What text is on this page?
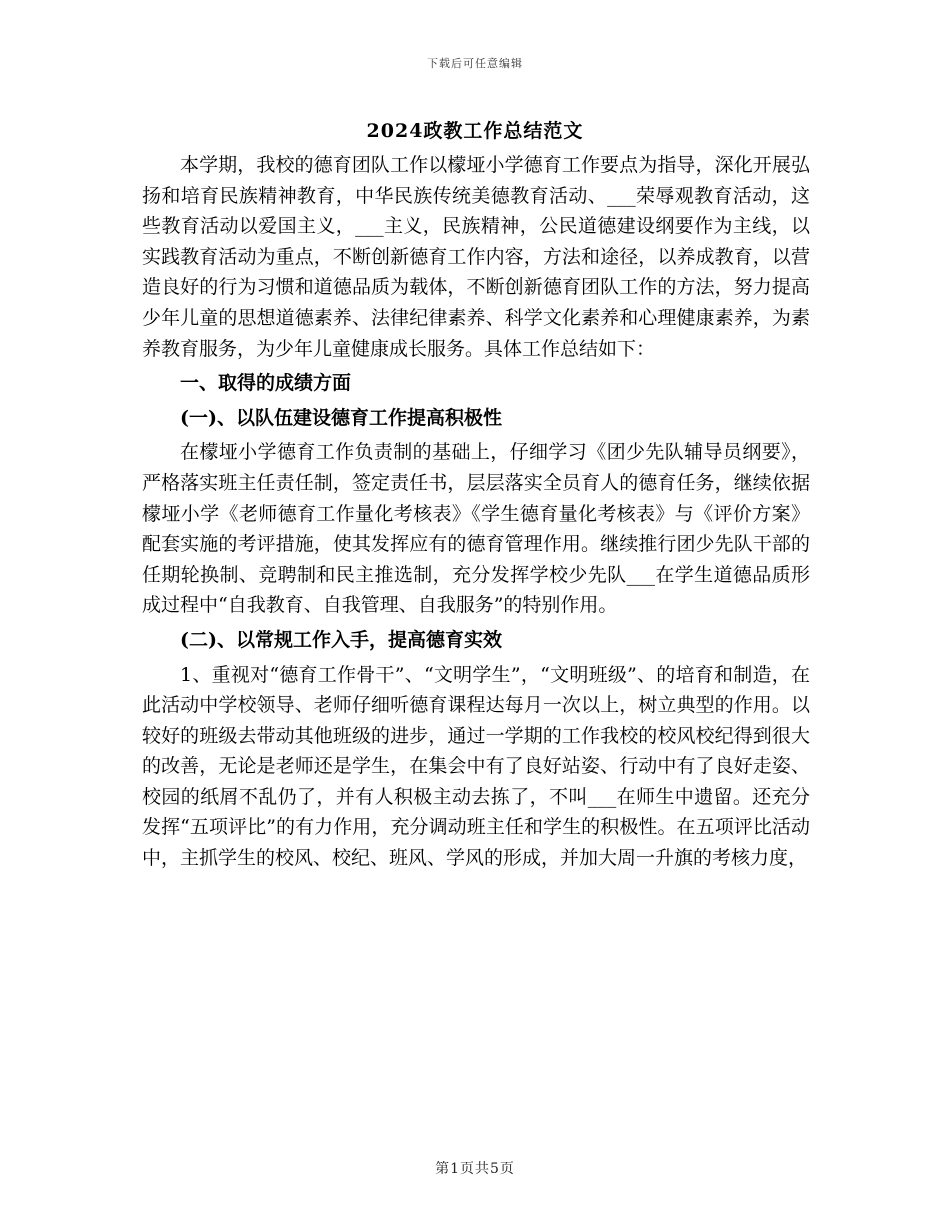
下载后可任意编辑
2024政教工作总结范文

本学期，我校的德育团队工作以檬垭小学德育工作要点为指导，深化开展弘扬和培育民族精神教育，中华民族传统美德教育活动、___荣辱观教育活动，这些教育活动以爱国主义，___主义，民族精神，公民道德建设纲要作为主线，以实践教育活动为重点，不断创新德育工作内容，方法和途径，以养成教育，以营造良好的行为习惯和道德品质为载体，不断创新德育团队工作的方法，努力提高少年儿童的思想道德素养、法律纪律素养、科学文化素养和心理健康素养，为素养教育服务，为少年儿童健康成长服务。具体工作总结如下：

一、取得的成绩方面

(一)、以队伍建设德育工作提高积极性

在檬垭小学德育工作负责制的基础上，仔细学习《团少先队辅导员纲要》，严格落实班主任责任制，签定责任书，层层落实全员育人的德育任务，继续依据檬垭小学《老师德育工作量化考核表》《学生德育量化考核表》与《评价方案》配套实施的考评措施，使其发挥应有的德育管理作用。继续推行团少先队干部的任期轮换制、竞聘制和民主推选制，充分发挥学校少先队___在学生道德品质形成过程中“自我教育、自我管理、自我服务”的特别作用。

(二)、以常规工作入手，提高德育实效

1、重视对“德育工作骨干”、“文明学生”，“文明班级”、的培育和制造，在此活动中学校领导、老师仔细听德育课程达每月一次以上，树立典型的作用。以较好的班级去带动其他班级的进步，通过一学期的工作我校的校风校纪得到很大的改善，无论是老师还是学生，在集会中有了良好站姿、行动中有了良好走姿、校园的纸屑不乱仍了，并有人积极主动去拣了，不叫___在师生中遗留。还充分发挥“五项评比”的有力作用，充分调动班主任和学生的积极性。在五项评比活动中，主抓学生的校风、校纪、班风、学风的形成，并加大周一升旗的考核力度，

第1页共5页
